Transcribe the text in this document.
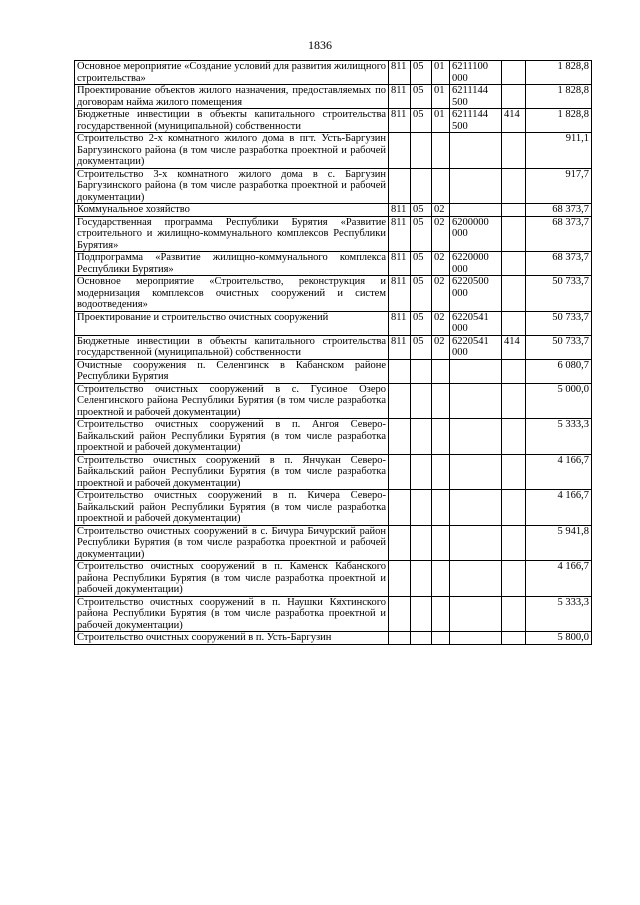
1836
Основное мероприятие «Создание условий для развития жилищного строительства»	811	05	01	6211100 000		1 828,8
Проектирование объектов жилого назначения, предоставляемых по договорам найма жилого помещения	811	05	01	6211144 500		1 828,8
Бюджетные инвестиции в объекты капитального строительства государственной (муниципальной) собственности	811	05	01	6211144 500	414	1 828,8
Строительство 2-х комнатного жилого дома в пгт. Усть-Баргузин Баргузинского района (в том числе разработка проектной и рабочей документации)						911,1
Строительство 3-х комнатного жилого дома в с. Баргузин Баргузинского района (в том числе разработка проектной и рабочей документации)						917,7
Коммунальное хозяйство	811	05	02			68 373,7
Государственная программа Республики Бурятия «Развитие строительного и жилищно-коммунального комплексов Республики Бурятия»	811	05	02	6200000 000		68 373,7
Подпрограмма «Развитие жилищно-коммунального комплекса Республики Бурятия»	811	05	02	6220000 000		68 373,7
Основное мероприятие «Строительство, реконструкция и модернизация комплексов очистных сооружений и систем водоотведения»	811	05	02	6220500 000		50 733,7
Проектирование и строительство очистных сооружений	811	05	02	6220541 000		50 733,7
Бюджетные инвестиции в объекты капитального строительства государственной (муниципальной) собственности	811	05	02	6220541 000	414	50 733,7
Очистные сооружения п. Селенгинск в Кабанском районе Республики Бурятия						6 080,7
Строительство очистных сооружений в с. Гусиное Озеро Селенгинского района Республики Бурятия (в том числе разработка проектной и рабочей документации)						5 000,0
Строительство очистных сооружений в п. Ангоя Северо-Байкальский район Республики Бурятия (в том числе разработка проектной и рабочей документации)						5 333,3
Строительство очистных сооружений в п. Янчукан Северо-Байкальский район Республики Бурятия (в том числе разработка проектной и рабочей документации)						4 166,7
Строительство очистных сооружений в п. Кичера Северо-Байкальский район Республики Бурятия (в том числе разработка проектной и рабочей документации)						4 166,7
Строительство очистных сооружений в с. Бичура Бичурский район Республики Бурятия (в том числе разработка проектной и рабочей документации)						5 941,8
Строительство очистных сооружений в п. Каменск Кабанского района Республики Бурятия (в том числе разработка проектной и рабочей документации)						4 166,7
Строительство очистных сооружений в п. Наушки Кяхтинского района Республики Бурятия (в том числе разработка проектной и рабочей документации)						5 333,3
Строительство очистных сооружений в п. Усть-Баргузин						5 800,0
